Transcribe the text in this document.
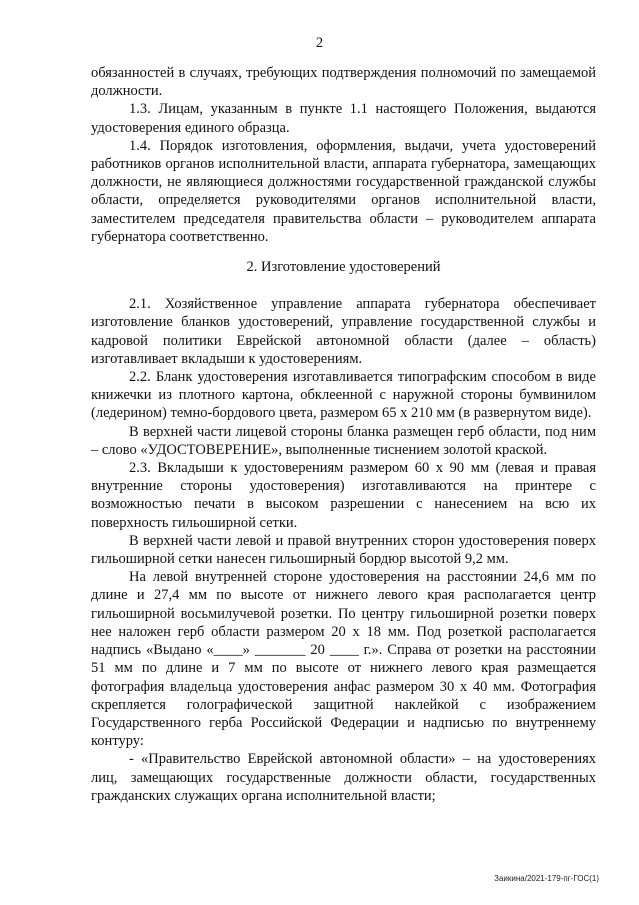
2

обязанностей в случаях, требующих подтверждения полномочий по замещаемой должности.

1.3. Лицам, указанным в пункте 1.1 настоящего Положения, выдаются удостоверения единого образца.

1.4. Порядок изготовления, оформления, выдачи, учета удостоверений работников органов исполнительной власти, аппарата губернатора, замещающих должности, не являющиеся должностями государственной гражданской службы области, определяется руководителями органов исполнительной власти, заместителем председателя правительства области – руководителем аппарата губернатора соответственно.

2. Изготовление удостоверений

2.1. Хозяйственное управление аппарата губернатора обеспечивает изготовление бланков удостоверений, управление государственной службы и кадровой политики Еврейской автономной области (далее – область) изготавливает вкладыши к удостоверениям.

2.2. Бланк удостоверения изготавливается типографским способом в виде книжечки из плотного картона, обклеенной с наружной стороны бумвинилом (ледерином) темно-бордового цвета, размером 65 х 210 мм (в развернутом виде).

В верхней части лицевой стороны бланка размещен герб области, под ним – слово «УДОСТОВЕРЕНИЕ», выполненные тиснением золотой краской.

2.3. Вкладыши к удостоверениям размером 60 х 90 мм (левая и правая внутренние стороны удостоверения) изготавливаются на принтере с возможностью печати в высоком разрешении с нанесением на всю их поверхность гильоширной сетки.

В верхней части левой и правой внутренних сторон удостоверения поверх гильоширной сетки нанесен гильоширный бордюр высотой 9,2 мм.

На левой внутренней стороне удостоверения на расстоянии 24,6 мм по длине и 27,4 мм по высоте от нижнего левого края располагается центр гильоширной восьмилучевой розетки. По центру гильоширной розетки поверх нее наложен герб области размером 20 х 18 мм. Под розеткой располагается надпись «Выдано «____» _______ 20 ____ г.». Справа от розетки на расстоянии 51 мм по длине и 7 мм по высоте от нижнего левого края размещается фотография владельца удостоверения анфас размером 30 х 40 мм. Фотография скрепляется голографической защитной наклейкой с изображением Государственного герба Российской Федерации и надписью по внутреннему контуру:

- «Правительство Еврейской автономной области» – на удостоверениях лиц, замещающих государственные должности области, государственных гражданских служащих органа исполнительной власти;

Заикина/2021-179-пг-ГОС(1)
